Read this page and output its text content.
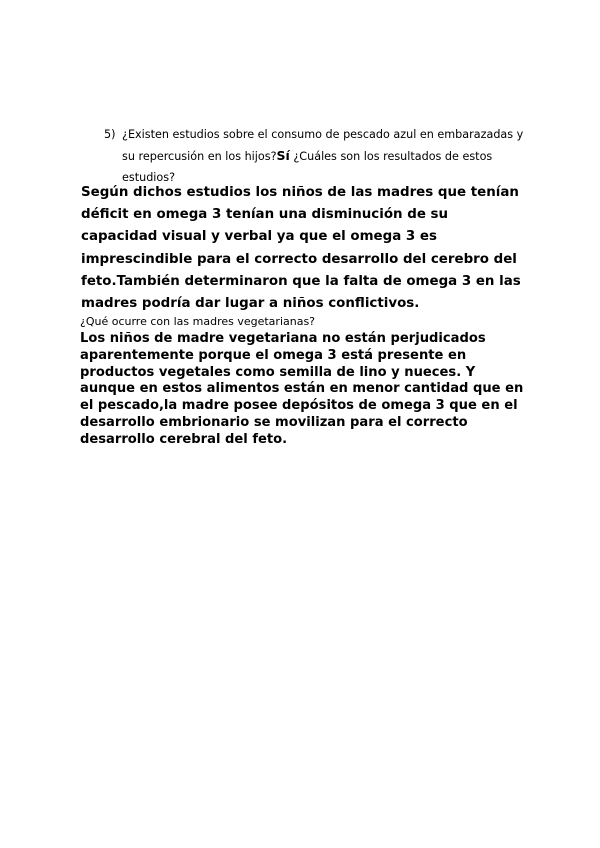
5) ¿Existen estudios sobre el consumo de pescado azul en embarazadas y su repercusión en los hijos?Sí ¿Cuáles son los resultados de estos estudios?
Según dichos estudios los niños de las madres que tenían déficit en omega 3 tenían una disminución de su capacidad visual y verbal ya que el omega 3 es imprescindible para el correcto desarrollo del cerebro del feto.También determinaron que la falta de omega 3 en las madres podría dar lugar a niños conflictivos.
¿Qué ocurre con las madres vegetarianas?
Los niños de madre vegetariana no están perjudicados aparentemente porque el omega 3 está presente en productos vegetales como semilla de lino y nueces. Y aunque en estos alimentos están en menor cantidad que en el pescado,la madre posee depósitos de omega 3 que en el desarrollo embrionario se movilizan para el correcto desarrollo cerebral del feto.
